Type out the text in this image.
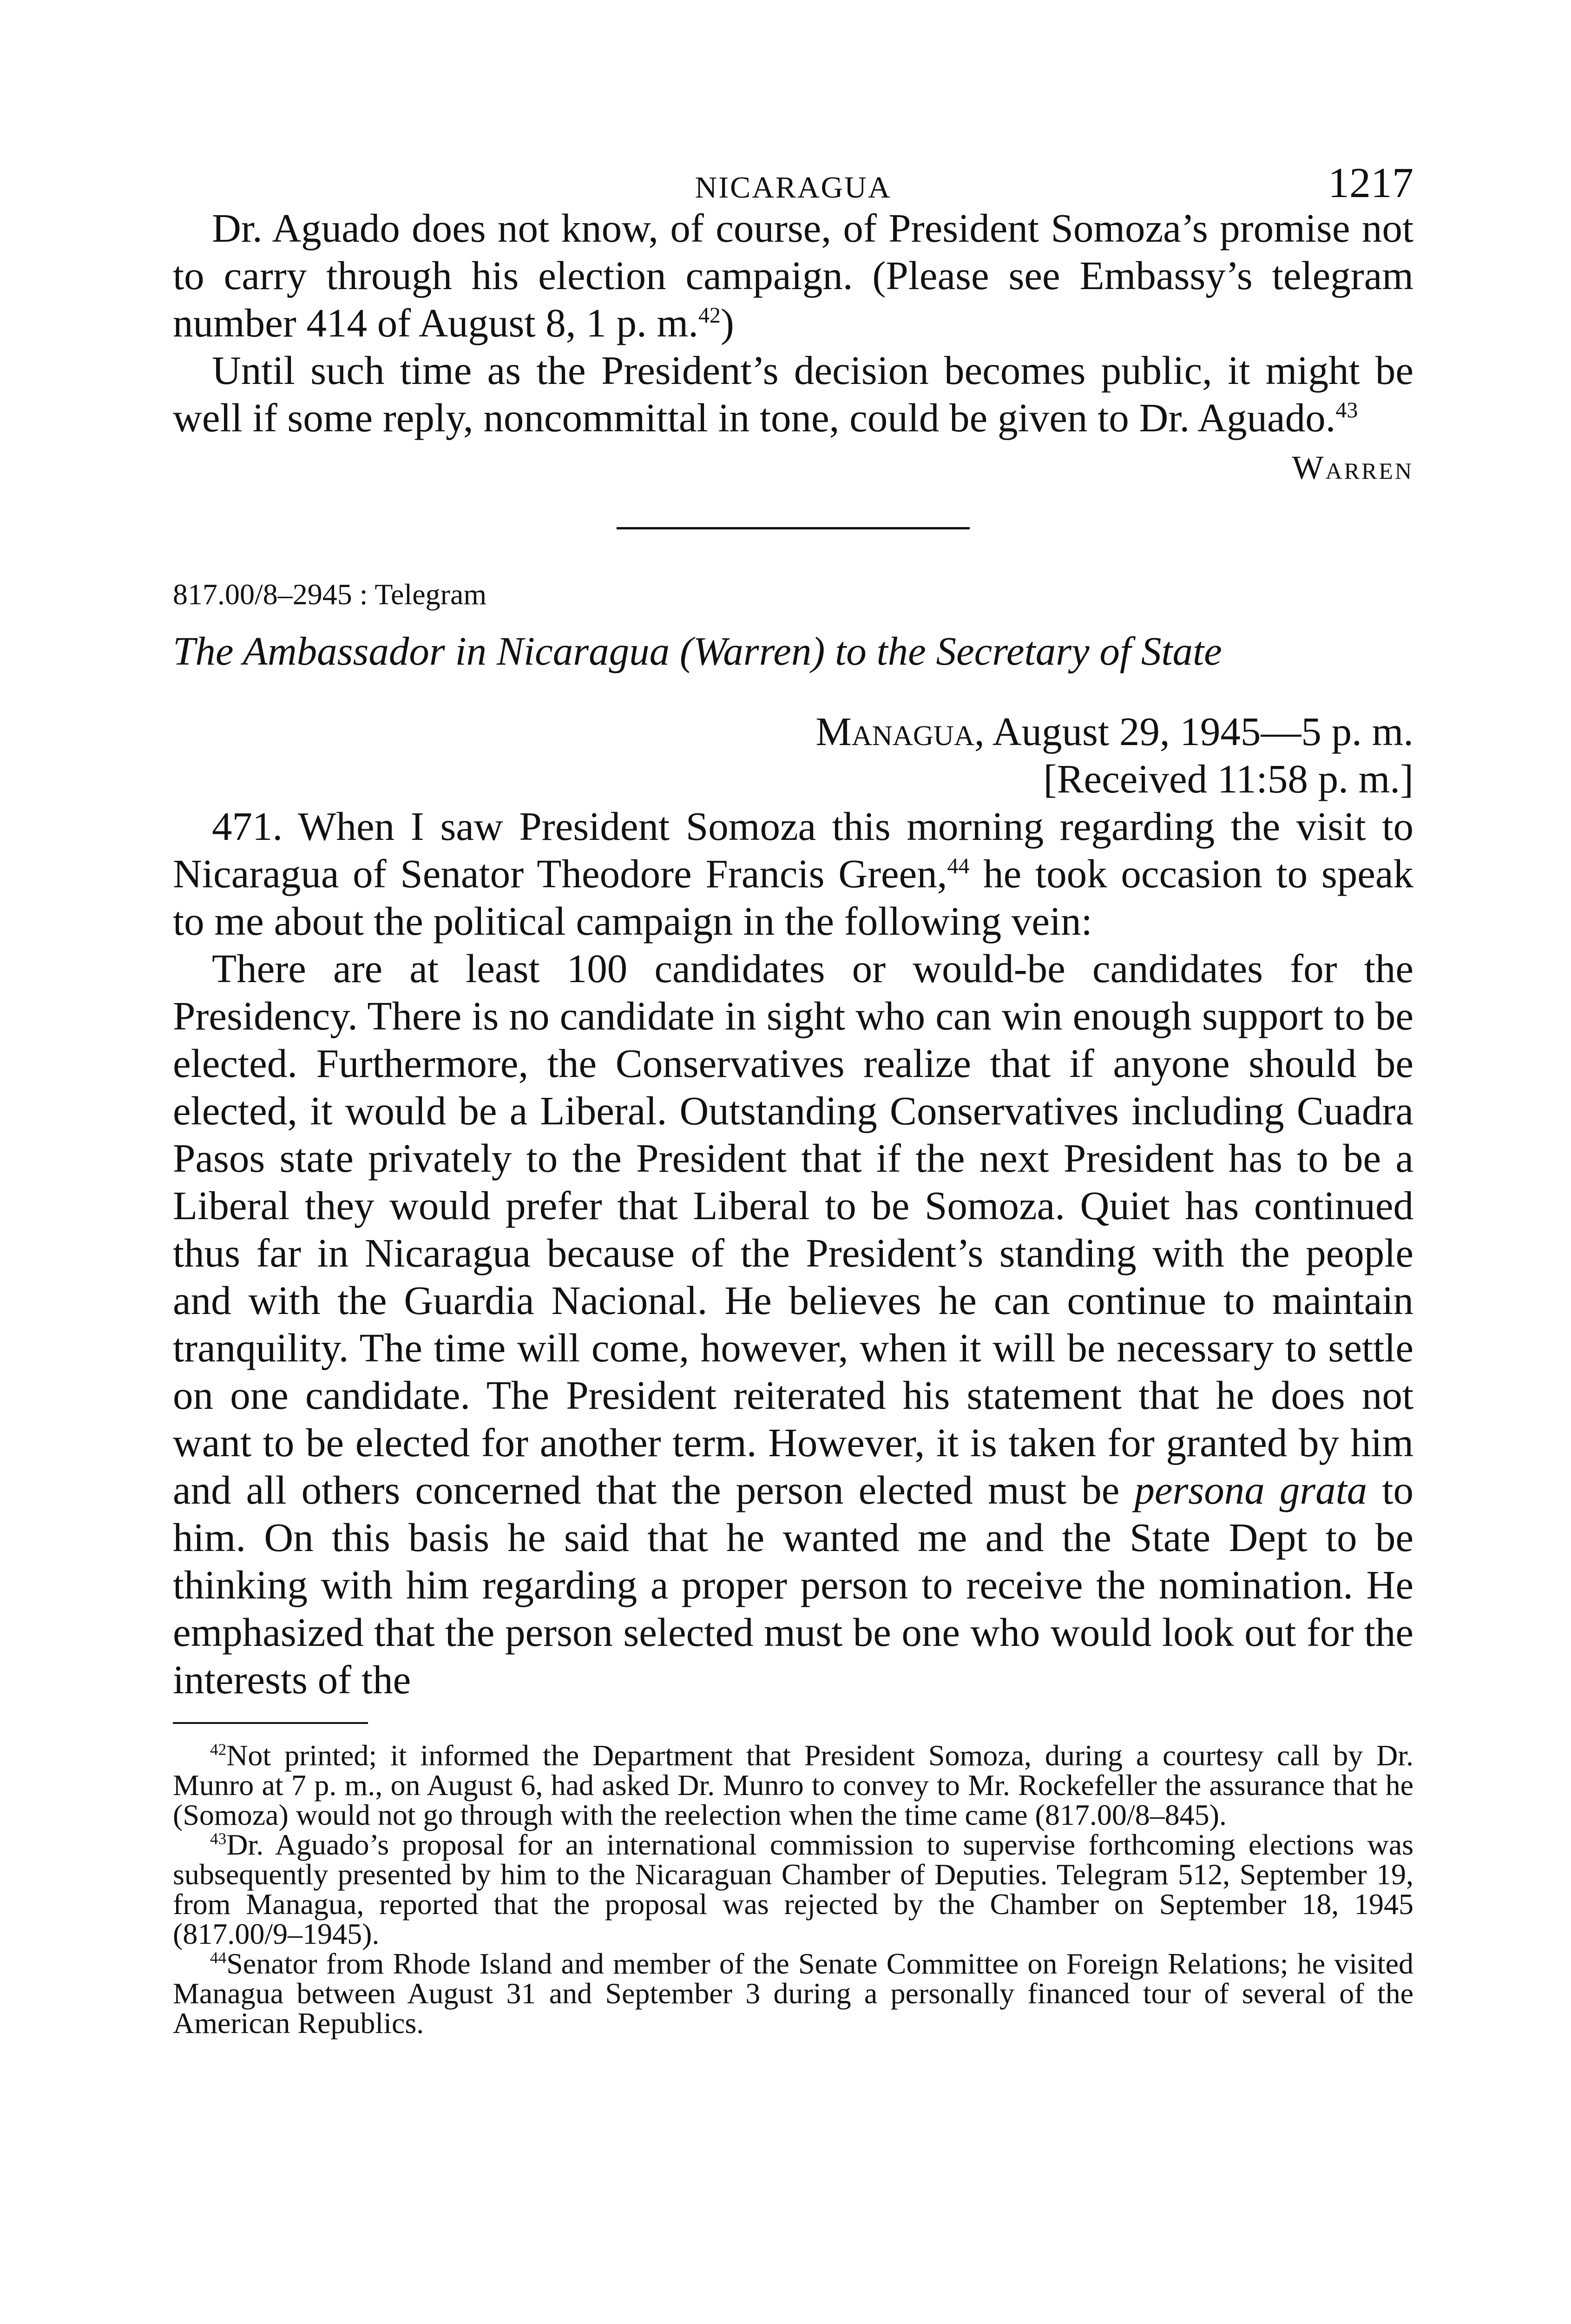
NICARAGUA	1217

Dr. Aguado does not know, of course, of President Somoza’s promise not to carry through his election campaign. (Please see Embassy’s telegram number 414 of August 8, 1 p. m.$^{42}$)

Until such time as the President’s decision becomes public, it might be well if some reply, noncommittal in tone, could be given to Dr. Aguado.$^{43}$

Warren

817.00/8–2945 : Telegram

The Ambassador in Nicaragua (Warren) to the Secretary of State

Managua, August 29, 1945—5 p. m.

[Received 11:58 p. m.]

471. When I saw President Somoza this morning regarding the visit to Nicaragua of Senator Theodore Francis Green,$^{44}$ he took occasion to speak to me about the political campaign in the following vein:

There are at least 100 candidates or would-be candidates for the Presidency. There is no candidate in sight who can win enough support to be elected. Furthermore, the Conservatives realize that if anyone should be elected, it would be a Liberal. Outstanding Conservatives including Cuadra Pasos state privately to the President that if the next President has to be a Liberal they would prefer that Liberal to be Somoza. Quiet has continued thus far in Nicaragua because of the President’s standing with the people and with the Guardia Nacional. He believes he can continue to maintain tranquility. The time will come, however, when it will be necessary to settle on one candidate. The President reiterated his statement that he does not want to be elected for another term. However, it is taken for granted by him and all others concerned that the person elected must be persona grata to him. On this basis he said that he wanted me and the State Dept to be thinking with him regarding a proper person to receive the nomination. He emphasized that the person selected must be one who would look out for the interests of the

$^{42}$Not printed; it informed the Department that President Somoza, during a courtesy call by Dr. Munro at 7 p. m., on August 6, had asked Dr. Munro to convey to Mr. Rockefeller the assurance that he (Somoza) would not go through with the reelection when the time came (817.00/8–845).

$^{43}$Dr. Aguado’s proposal for an international commission to supervise forthcoming elections was subsequently presented by him to the Nicaraguan Chamber of Deputies. Telegram 512, September 19, from Managua, reported that the proposal was rejected by the Chamber on September 18, 1945 (817.00/9–1945).

$^{44}$Senator from Rhode Island and member of the Senate Committee on Foreign Relations; he visited Managua between August 31 and September 3 during a personally financed tour of several of the American Republics.
